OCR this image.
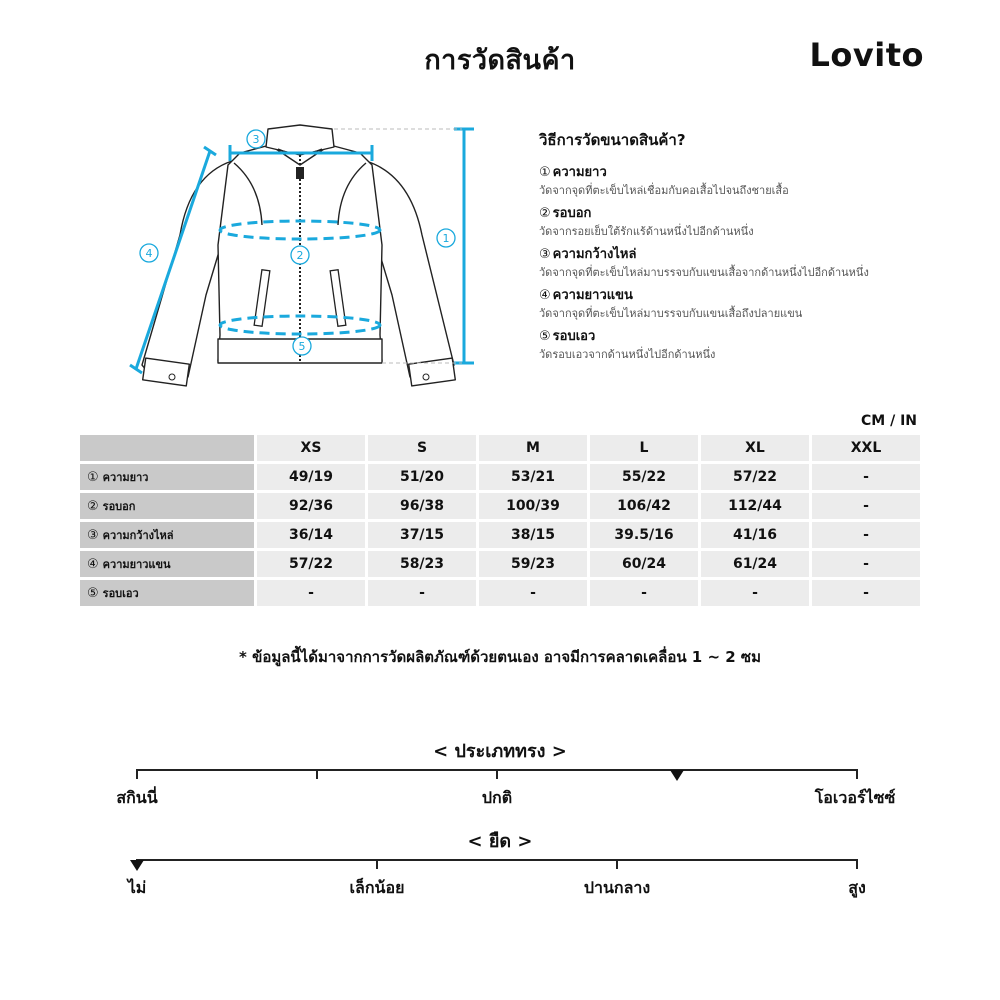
การวัดสินค้า	Lovito
1
2
3
4
5
วิธีการวัดขนาดสินค้า?
① ความยาว
วัดจากจุดที่ตะเข็บไหล่เชื่อมกับคอเสื้อไปจนถึงชายเสื้อ
② รอบอก
วัดจากรอยเย็บใต้รักแร้ด้านหนึ่งไปอีกด้านหนึ่ง
③ ความกว้างไหล่
วัดจากจุดที่ตะเข็บไหล่มาบรรจบกับแขนเสื้อจากด้านหนึ่งไปอีกด้านหนึ่ง
④ ความยาวแขน
วัดจากจุดที่ตะเข็บไหล่มาบรรจบกับแขนเสื้อถึงปลายแขน
⑤ รอบเอว
วัดรอบเอวจากด้านหนึ่งไปอีกด้านหนึ่ง
CM / IN
	XS	S	M	L	XL	XXL
① ความยาว	49/19	51/20	53/21	55/22	57/22	-
② รอบอก	92/36	96/38	100/39	106/42	112/44	-
③ ความกว้างไหล่	36/14	37/15	38/15	39.5/16	41/16	-
④ ความยาวแขน	57/22	58/23	59/23	60/24	61/24	-
⑤ รอบเอว	-	-	-	-	-	-
* ข้อมูลนี้ได้มาจากการวัดผลิตภัณฑ์ด้วยตนเอง อาจมีการคลาดเคลื่อน 1 ~ 2 ซม
< ประเภททรง >
สกินนี่	ปกติ	โอเวอร์ไซซ์
< ยืด >
ไม่	เล็กน้อย	ปานกลาง	สูง
